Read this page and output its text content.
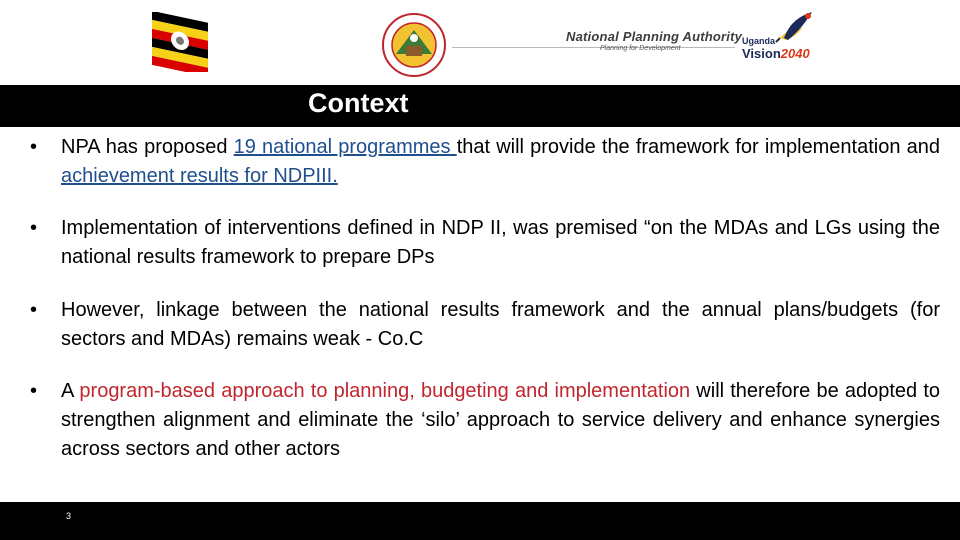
National Planning Authority
Planning for Development
Uganda
Vision2040
Context
• NPA has proposed 19 national programmes that will provide the framework for implementation and achievement results for NDPIII.
• Implementation of interventions defined in NDP II, was premised “on the MDAs and LGs using the national results framework to prepare DPs
• However, linkage between the national results framework and the annual plans/budgets (for sectors and MDAs) remains weak - Co.C
• A program-based approach to planning, budgeting and implementation will therefore be adopted to strengthen alignment and eliminate the ‘silo’ approach to service delivery and enhance synergies across sectors and other actors
3
